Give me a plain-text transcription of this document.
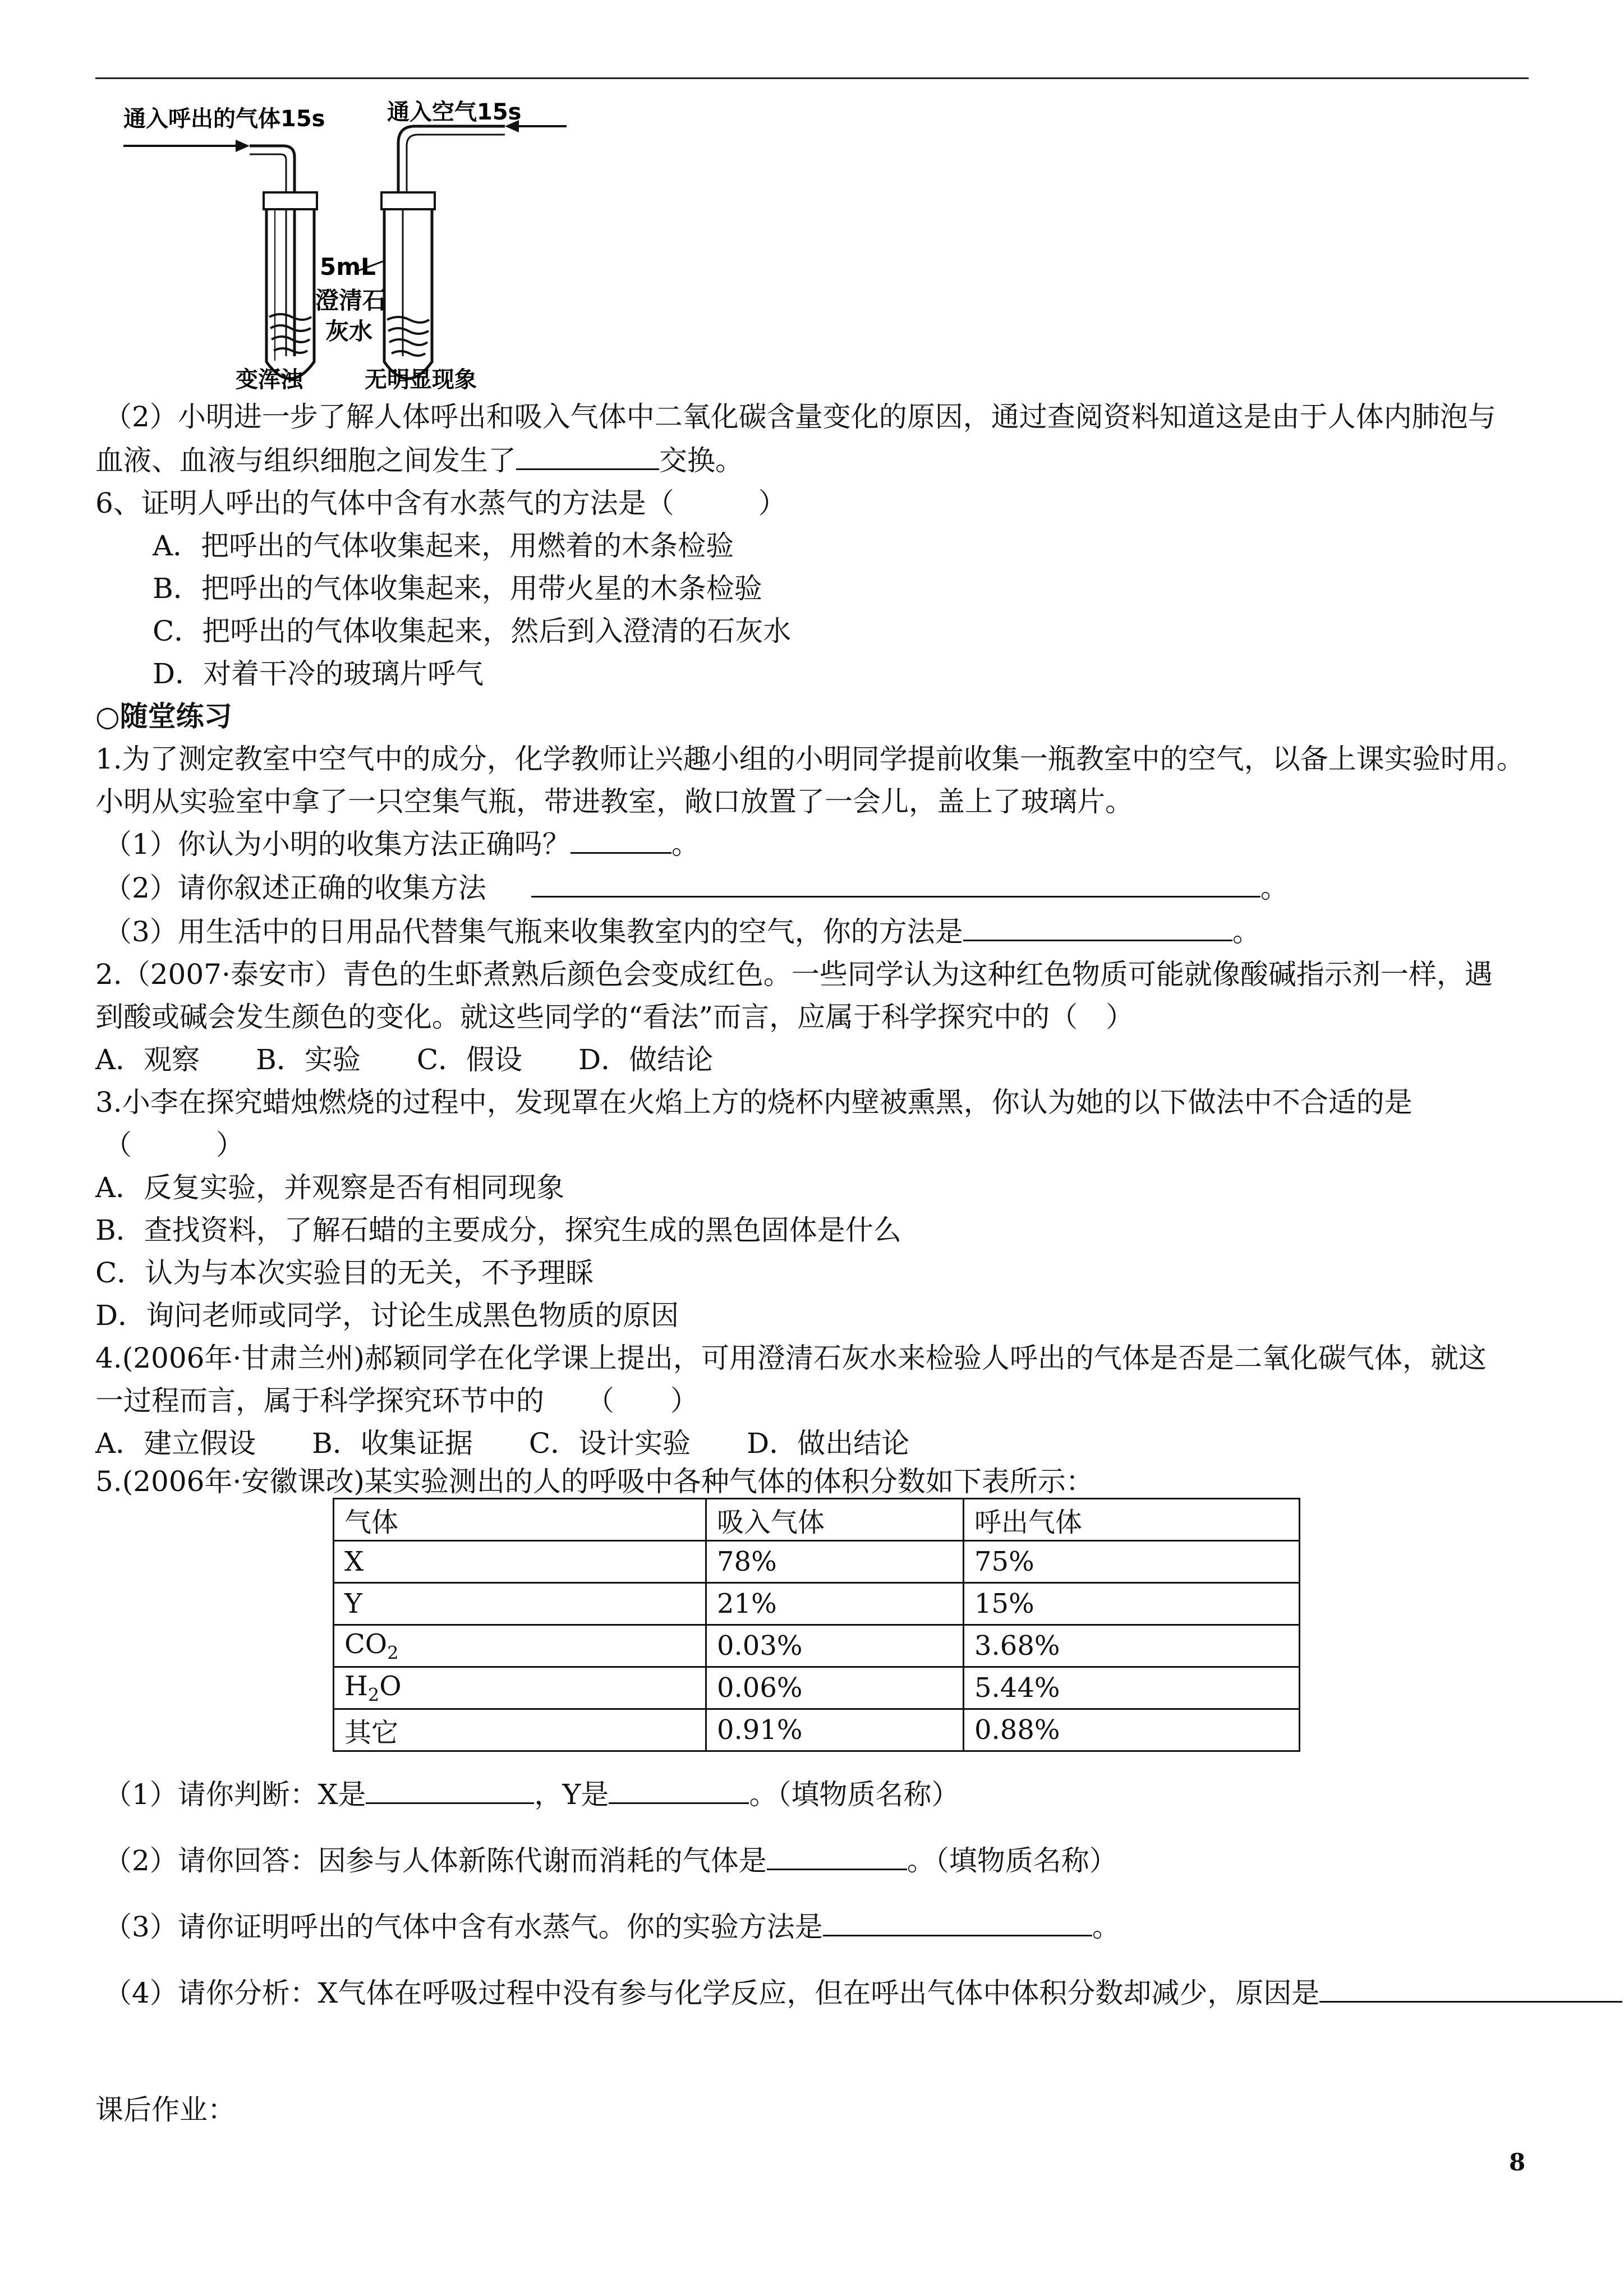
通入呼出的气体15s	通入空气15s
5mL
澄清石
灰水
变浑浊	无明显现象
（2）小明进一步了解人体呼出和吸入气体中二氧化碳含量变化的原因，通过查阅资料知道这是由于人体内肺泡与
血液、血液与组织细胞之间发生了	交换。
6、证明人呼出的气体中含有水蒸气的方法是（　　　）
A．把呼出的气体收集起来，用燃着的木条检验
B．把呼出的气体收集起来，用带火星的木条检验
C．把呼出的气体收集起来，然后到入澄清的石灰水
D．对着干冷的玻璃片呼气
○随堂练习
1.为了测定教室中空气中的成分，化学教师让兴趣小组的小明同学提前收集一瓶教室中的空气，以备上课实验时用。
小明从实验室中拿了一只空集气瓶，带进教室，敞口放置了一会儿，盖上了玻璃片。
（1）你认为小明的收集方法正确吗？	。
（2）请你叙述正确的收集方法	。
（3）用生活中的日用品代替集气瓶来收集教室内的空气，你的方法是	。
2.（2007·泰安市）青色的生虾煮熟后颜色会变成红色。一些同学认为这种红色物质可能就像酸碱指示剂一样，遇
到酸或碱会发生颜色的变化。就这些同学的“看法”而言，应属于科学探究中的（　）
A．观察　　B．实验　　C．假设　　D．做结论
3.小李在探究蜡烛燃烧的过程中，发现罩在火焰上方的烧杯内壁被熏黑，你认为她的以下做法中不合适的是
（　　　）
A．反复实验，并观察是否有相同现象
B．查找资料，了解石蜡的主要成分，探究生成的黑色固体是什么
C．认为与本次实验目的无关，不予理睬
D．询问老师或同学，讨论生成黑色物质的原因
4.(2006年·甘肃兰州)郝颖同学在化学课上提出，可用澄清石灰水来检验人呼出的气体是否是二氧化碳气体，就这
一过程而言，属于科学探究环节中的　　（　　）
A．建立假设　　B．收集证据　　C．设计实验　　D．做出结论
5.(2006年·安徽课改)某实验测出的人的呼吸中各种气体的体积分数如下表所示：
气体	吸入气体	呼出气体
X	78%	75%
Y	21%	15%
$CO_2$	0.03%	3.68%
$H_2O$	0.06%	5.44%
其它	0.91%	0.88%
（1）请你判断：X是	，Y是	。（填物质名称）
（2）请你回答：因参与人体新陈代谢而消耗的气体是	。（填物质名称）
（3）请你证明呼出的气体中含有水蒸气。你的实验方法是	。
（4）请你分析：X气体在呼吸过程中没有参与化学反应，但在呼出气体中体积分数却减少，原因是
课后作业：
8
